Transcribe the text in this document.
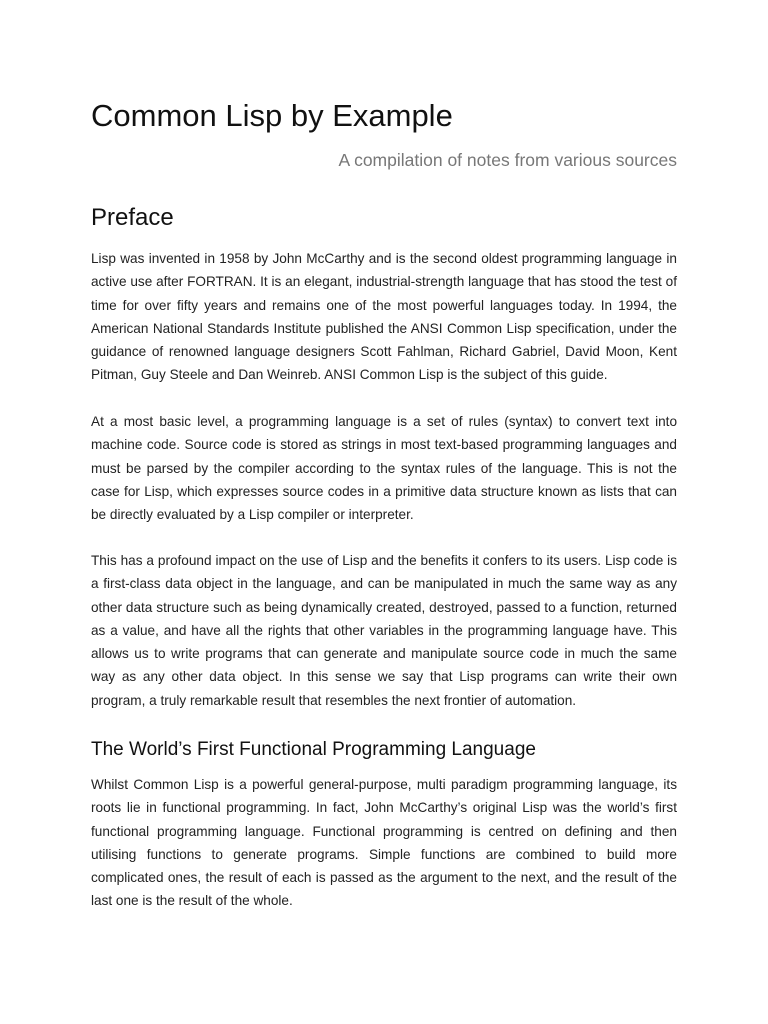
Common Lisp by Example

A compilation of notes from various sources

Preface

Lisp was invented in 1958 by John McCarthy and is the second oldest programming language in active use after FORTRAN. It is an elegant, industrial-strength language that has stood the test of time for over fifty years and remains one of the most powerful languages today. In 1994, the American National Standards Institute published the ANSI Common Lisp specification, under the guidance of renowned language designers Scott Fahlman, Richard Gabriel, David Moon, Kent Pitman, Guy Steele and Dan Weinreb. ANSI Common Lisp is the subject of this guide.

At a most basic level, a programming language is a set of rules (syntax) to convert text into machine code. Source code is stored as strings in most text-based programming languages and must be parsed by the compiler according to the syntax rules of the language. This is not the case for Lisp, which expresses source codes in a primitive data structure known as lists that can be directly evaluated by a Lisp compiler or interpreter.

This has a profound impact on the use of Lisp and the benefits it confers to its users. Lisp code is a first-class data object in the language, and can be manipulated in much the same way as any other data structure such as being dynamically created, destroyed, passed to a function, returned as a value, and have all the rights that other variables in the programming language have. This allows us to write programs that can generate and manipulate source code in much the same way as any other data object. In this sense we say that Lisp programs can write their own program, a truly remarkable result that resembles the next frontier of automation.

The World’s First Functional Programming Language

Whilst Common Lisp is a powerful general-purpose, multi paradigm programming language, its roots lie in functional programming. In fact, John McCarthy’s original Lisp was the world’s first functional programming language. Functional programming is centred on defining and then utilising functions to generate programs. Simple functions are combined to build more complicated ones, the result of each is passed as the argument to the next, and the result of the last one is the result of the whole.
